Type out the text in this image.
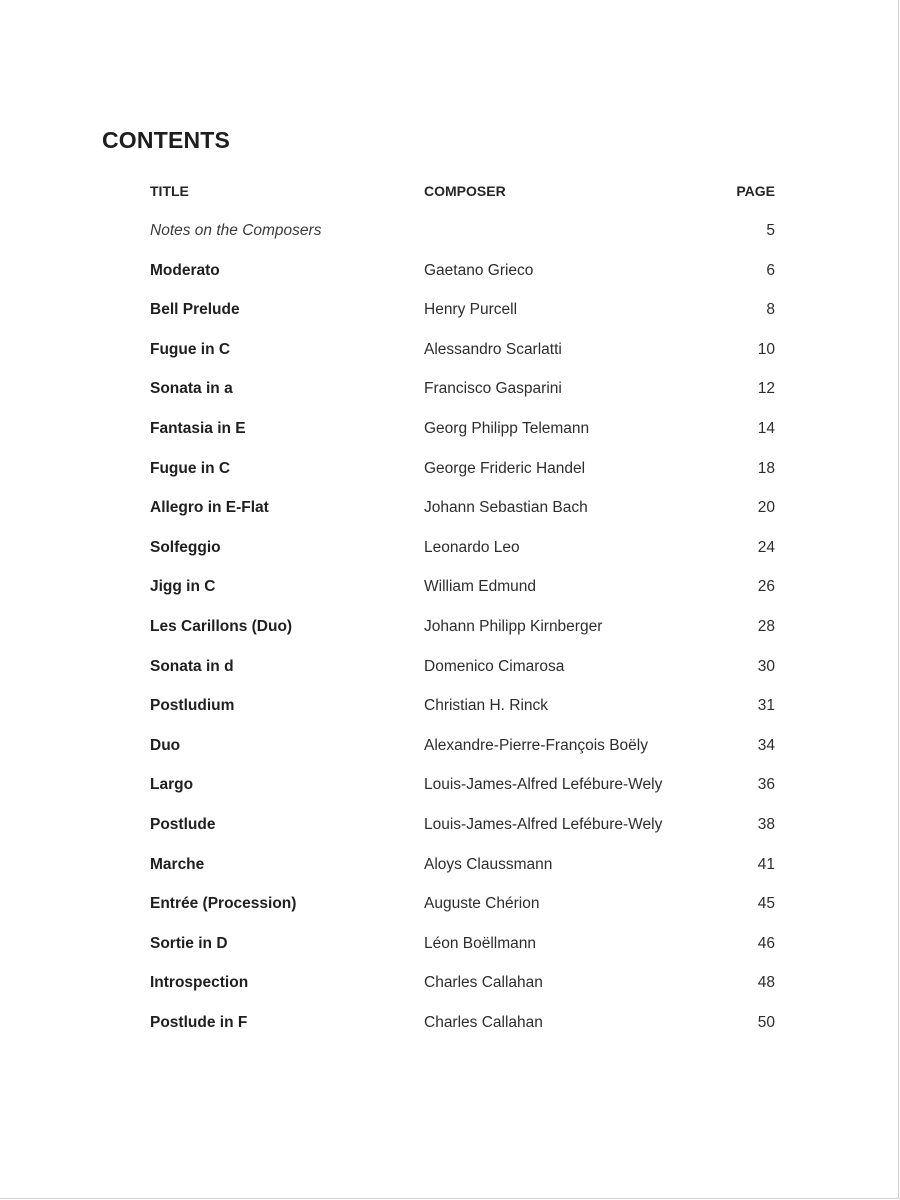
CONTENTS
TITLE	COMPOSER	PAGE
Notes on the Composers	5
Moderato	Gaetano Grieco	6
Bell Prelude	Henry Purcell	8
Fugue in C	Alessandro Scarlatti	10
Sonata in a	Francisco Gasparini	12
Fantasia in E	Georg Philipp Telemann	14
Fugue in C	George Frideric Handel	18
Allegro in E-Flat	Johann Sebastian Bach	20
Solfeggio	Leonardo Leo	24
Jigg in C	William Edmund	26
Les Carillons (Duo)	Johann Philipp Kirnberger	28
Sonata in d	Domenico Cimarosa	30
Postludium	Christian H. Rinck	31
Duo	Alexandre-Pierre-François Boëly	34
Largo	Louis-James-Alfred Lefébure-Wely	36
Postlude	Louis-James-Alfred Lefébure-Wely	38
Marche	Aloys Claussmann	41
Entrée (Procession)	Auguste Chérion	45
Sortie in D	Léon Boëllmann	46
Introspection	Charles Callahan	48
Postlude in F	Charles Callahan	50
